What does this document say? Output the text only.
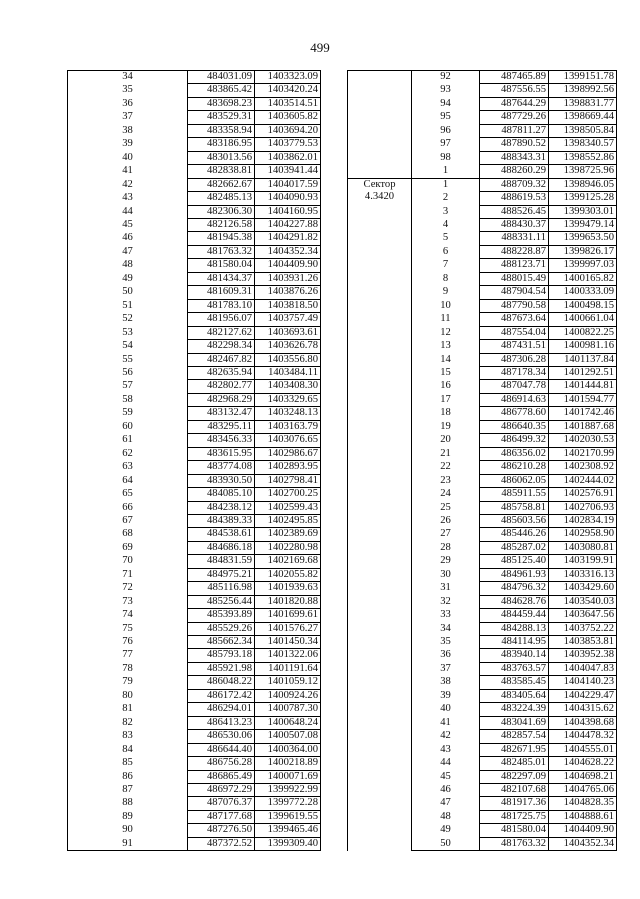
499
34	484031.09	1403323.09
35	483865.42	1403420.24
36	483698.23	1403514.51
37	483529.31	1403605.82
38	483358.94	1403694.20
39	483186.95	1403779.53
40	483013.56	1403862.01
41	482838.81	1403941.44
42	482662.67	1404017.59
43	482485.13	1404090.93
44	482306.30	1404160.95
45	482126.58	1404227.88
46	481945.38	1404291.82
47	481763.32	1404352.34
48	481580.04	1404409.90
49	481434.37	1403931.26
50	481609.31	1403876.26
51	481783.10	1403818.50
52	481956.07	1403757.49
53	482127.62	1403693.61
54	482298.34	1403626.78
55	482467.82	1403556.80
56	482635.94	1403484.11
57	482802.77	1403408.30
58	482968.29	1403329.65
59	483132.47	1403248.13
60	483295.11	1403163.79
61	483456.33	1403076.65
62	483615.95	1402986.67
63	483774.08	1402893.95
64	483930.50	1402798.41
65	484085.10	1402700.25
66	484238.12	1402599.43
67	484389.33	1402495.85
68	484538.61	1402389.69
69	484686.18	1402280.98
70	484831.59	1402169.68
71	484975.21	1402055.82
72	485116.98	1401939.63
73	485256.44	1401820.88
74	485393.89	1401699.61
75	485529.26	1401576.27
76	485662.34	1401450.34
77	485793.18	1401322.06
78	485921.98	1401191.64
79	486048.22	1401059.12
80	486172.42	1400924.26
81	486294.01	1400787.30
82	486413.23	1400648.24
83	486530.06	1400507.08
84	486644.40	1400364.00
85	486756.28	1400218.89
86	486865.49	1400071.69
87	486972.29	1399922.99
88	487076.37	1399772.28
89	487177.68	1399619.55
90	487276.50	1399465.46
91	487372.52	1399309.40
	92	487465.89	1399151.78
	93	487556.55	1398992.56
	94	487644.29	1398831.77
	95	487729.26	1398669.44
	96	487811.27	1398505.84
	97	487890.52	1398340.57
	98	488343.31	1398552.86
	1	488260.29	1398725.96

Сектор
4.3420	1	488709.32	1398946.05
	2	488619.53	1399125.28
	3	488526.45	1399303.01
	4	488430.37	1399479.14
	5	488331.11	1399653.50
	6	488228.87	1399826.17
	7	488123.71	1399997.03
	8	488015.49	1400165.82
	9	487904.54	1400333.09
	10	487790.58	1400498.15
	11	487673.64	1400661.04
	12	487554.04	1400822.25
	13	487431.51	1400981.16
	14	487306.28	1401137.84
	15	487178.34	1401292.51
	16	487047.78	1401444.81
	17	486914.63	1401594.77
	18	486778.60	1401742.46
	19	486640.35	1401887.68
	20	486499.32	1402030.53
	21	486356.02	1402170.99
	22	486210.28	1402308.92
	23	486062.05	1402444.02
	24	485911.55	1402576.91
	25	485758.81	1402706.93
	26	485603.56	1402834.19
	27	485446.26	1402958.90
	28	485287.02	1403080.81
	29	485125.40	1403199.91
	30	484961.93	1403316.13
	31	484796.32	1403429.60
	32	484628.76	1403540.03
	33	484459.44	1403647.56
	34	484288.13	1403752.22
	35	484114.95	1403853.81
	36	483940.14	1403952.38
	37	483763.57	1404047.83
	38	483585.45	1404140.23
	39	483405.64	1404229.47
	40	483224.39	1404315.62
	41	483041.69	1404398.68
	42	482857.54	1404478.32
	43	482671.95	1404555.01
	44	482485.01	1404628.22
	45	482297.09	1404698.21
	46	482107.68	1404765.06
	47	481917.36	1404828.35
	48	481725.75	1404888.61
	49	481580.04	1404409.90
	50	481763.32	1404352.34
